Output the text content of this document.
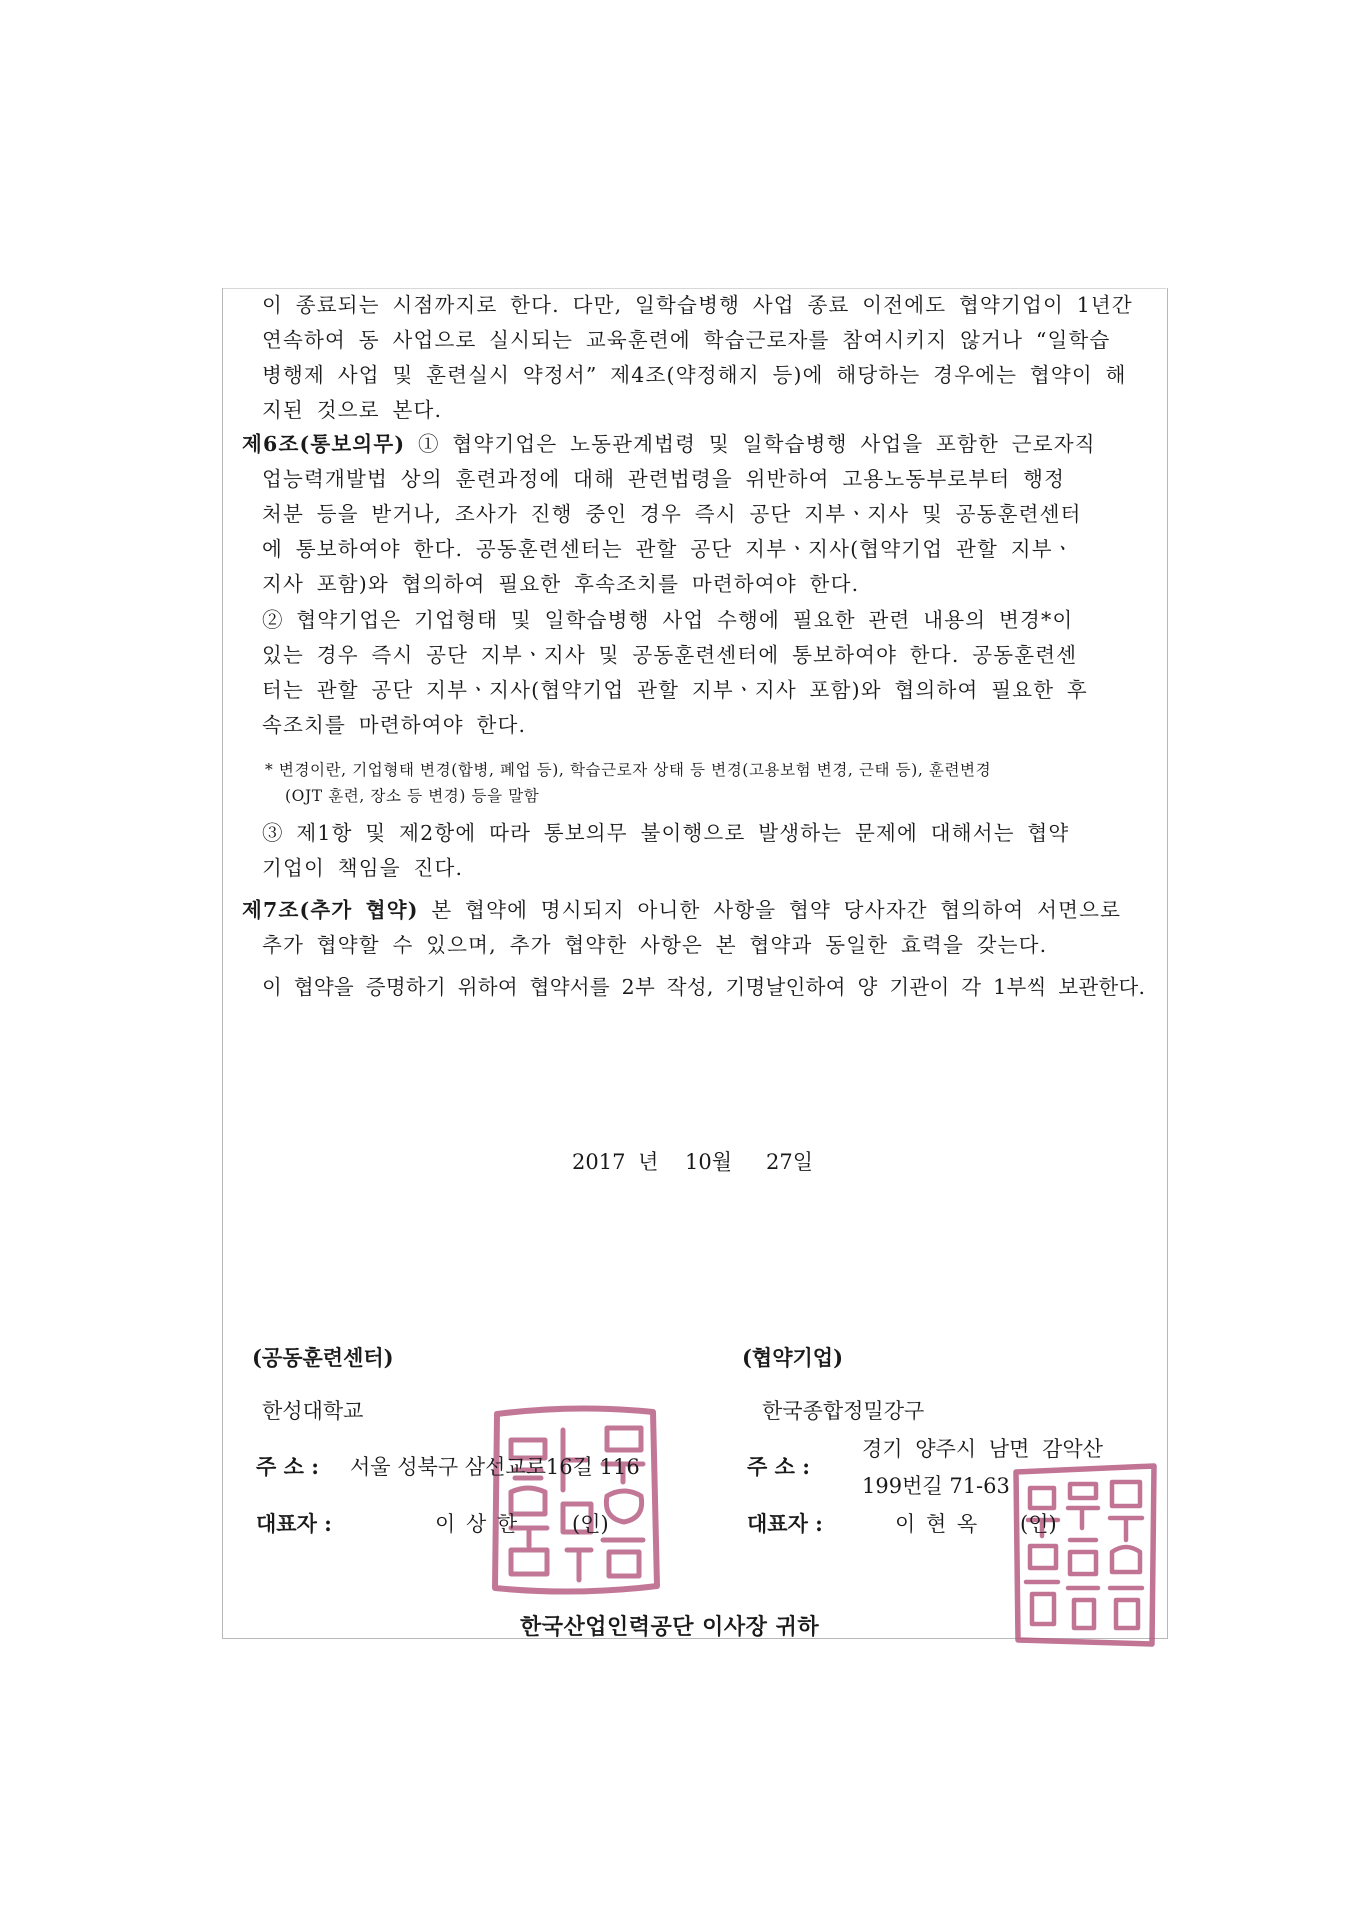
이 종료되는 시점까지로 한다. 다만, 일학습병행 사업 종료 이전에도 협약기업이 1년간
연속하여 동 사업으로 실시되는 교육훈련에 학습근로자를 참여시키지 않거나 “일학습
병행제 사업 및 훈련실시 약정서” 제4조(약정해지 등)에 해당하는 경우에는 협약이 해
지된 것으로 본다.
제6조(통보의무) ① 협약기업은 노동관계법령 및 일학습병행 사업을 포함한 근로자직
업능력개발법 상의 훈련과정에 대해 관련법령을 위반하여 고용노동부로부터 행정
처분 등을 받거나, 조사가 진행 중인 경우 즉시 공단 지부ㆍ지사 및 공동훈련센터
에 통보하여야 한다. 공동훈련센터는 관할 공단 지부ㆍ지사(협약기업 관할 지부ㆍ
지사 포함)와 협의하여 필요한 후속조치를 마련하여야 한다.
② 협약기업은 기업형태 및 일학습병행 사업 수행에 필요한 관련 내용의 변경*이
있는 경우 즉시 공단 지부ㆍ지사 및 공동훈련센터에 통보하여야 한다. 공동훈련센
터는 관할 공단 지부ㆍ지사(협약기업 관할 지부ㆍ지사 포함)와 협의하여 필요한 후
속조치를 마련하여야 한다.
* 변경이란, 기업형태 변경(합병, 폐업 등), 학습근로자 상태 등 변경(고용보험 변경, 근태 등), 훈련변경
(OJT 훈련, 장소 등 변경) 등을 말함
③ 제1항 및 제2항에 따라 통보의무 불이행으로 발생하는 문제에 대해서는 협약
기업이 책임을 진다.
제7조(추가 협약) 본 협약에 명시되지 아니한 사항을 협약 당사자간 협의하여 서면으로
추가 협약할 수 있으며, 추가 협약한 사항은 본 협약과 동일한 효력을 갖는다.
이 협약을 증명하기 위하여 협약서를 2부 작성, 기명날인하여 양 기관이 각 1부씩 보관한다.
2017 년 10월 27일
(공동훈련센터)
한성대학교
주 소 : 서울 성북구 삼선교로16길 116
대표자 :	이 상 한	(인)
(협약기업)
한국종합정밀강구
주 소 :
경기 양주시 남면 감악산
199번길 71-63
대표자 :	이 현 옥 (인)
한국산업인력공단 이사장 귀하
